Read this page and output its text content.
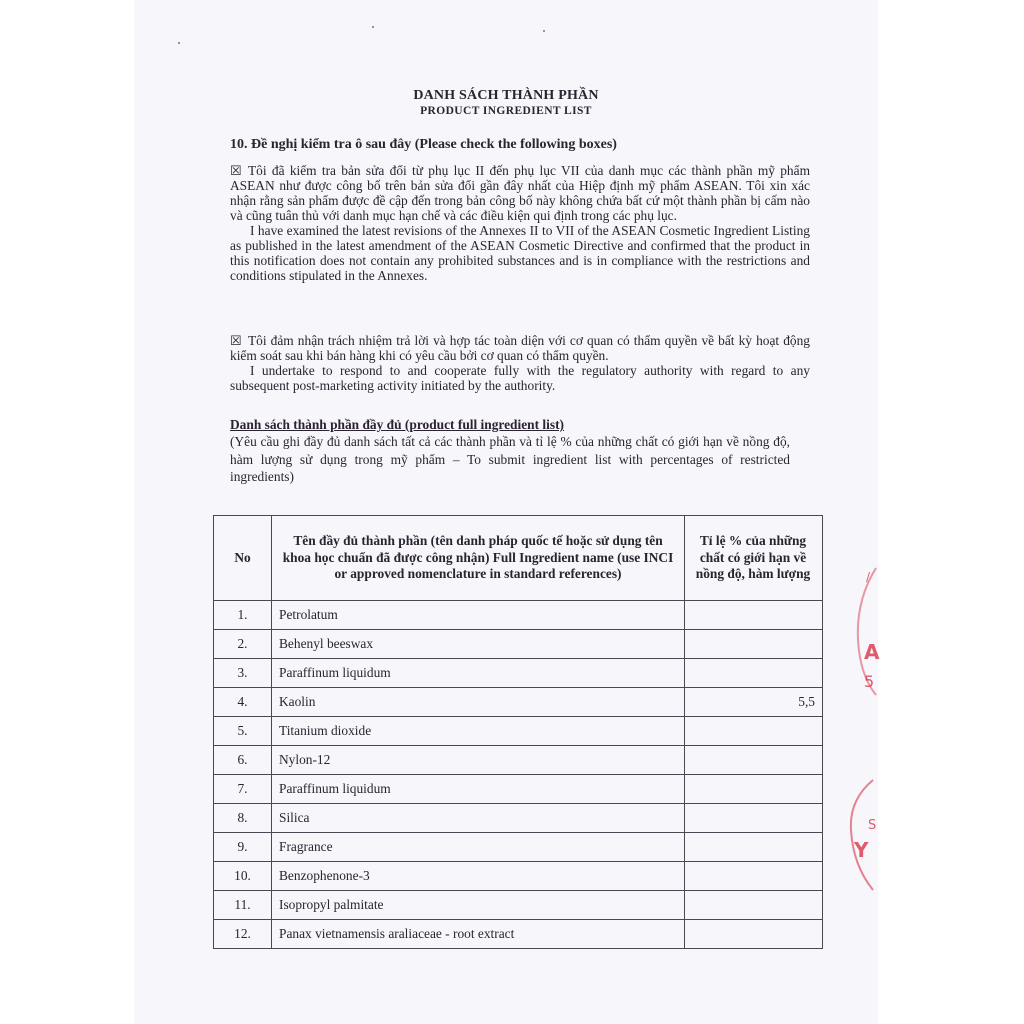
DANH SÁCH THÀNH PHẦN
PRODUCT INGREDIENT LIST
10. Đề nghị kiểm tra ô sau đây (Please check the following boxes)
☒ Tôi đã kiểm tra bản sửa đổi từ phụ lục II đến phụ lục VII của danh mục các thành phần mỹ phẩm ASEAN như được công bố trên bản sửa đổi gần đây nhất của Hiệp định mỹ phẩm ASEAN. Tôi xin xác nhận rằng sản phẩm được đề cập đến trong bản công bố này không chứa bất cứ một thành phần bị cấm nào và cũng tuân thủ với danh mục hạn chế và các điều kiện qui định trong các phụ lục.

I have examined the latest revisions of the Annexes II to VII of the ASEAN Cosmetic Ingredient Listing as published in the latest amendment of the ASEAN Cosmetic Directive and confirmed that the product in this notification does not contain any prohibited substances and is in compliance with the restrictions and conditions stipulated in the Annexes.

☒ Tôi đảm nhận trách nhiệm trả lời và hợp tác toàn diện với cơ quan có thẩm quyền về bất kỳ hoạt động kiểm soát sau khi bán hàng khi có yêu cầu bởi cơ quan có thẩm quyền.

I undertake to respond to and cooperate fully with the regulatory authority with regard to any subsequent post-marketing activity initiated by the authority.

Danh sách thành phần đầy đủ (product full ingredient list)
(Yêu cầu ghi đầy đủ danh sách tất cả các thành phần và tỉ lệ % của những chất có giới hạn về nồng độ, hàm lượng sử dụng trong mỹ phẩm – To submit ingredient list with percentages of restricted ingredients)
No	Tên đầy đủ thành phần (tên danh pháp quốc tế hoặc sử dụng tên khoa học chuẩn đã được công nhận) Full Ingredient name (use INCI or approved nomenclature in standard references)	Tỉ lệ % của những chất có giới hạn về nồng độ, hàm lượng
1.	Petrolatum	
2.	Behenyl beeswax	
3.	Paraffinum liquidum	
4.	Kaolin	5,5
5.	Titanium dioxide	
6.	Nylon-12	
7.	Paraffinum liquidum	
8.	Silica	
9.	Fragrance	
10.	Benzophenone-3	
11.	Isopropyl palmitate	
12.	Panax vietnamensis araliaceae - root extract	
/
A
5
S
Y
